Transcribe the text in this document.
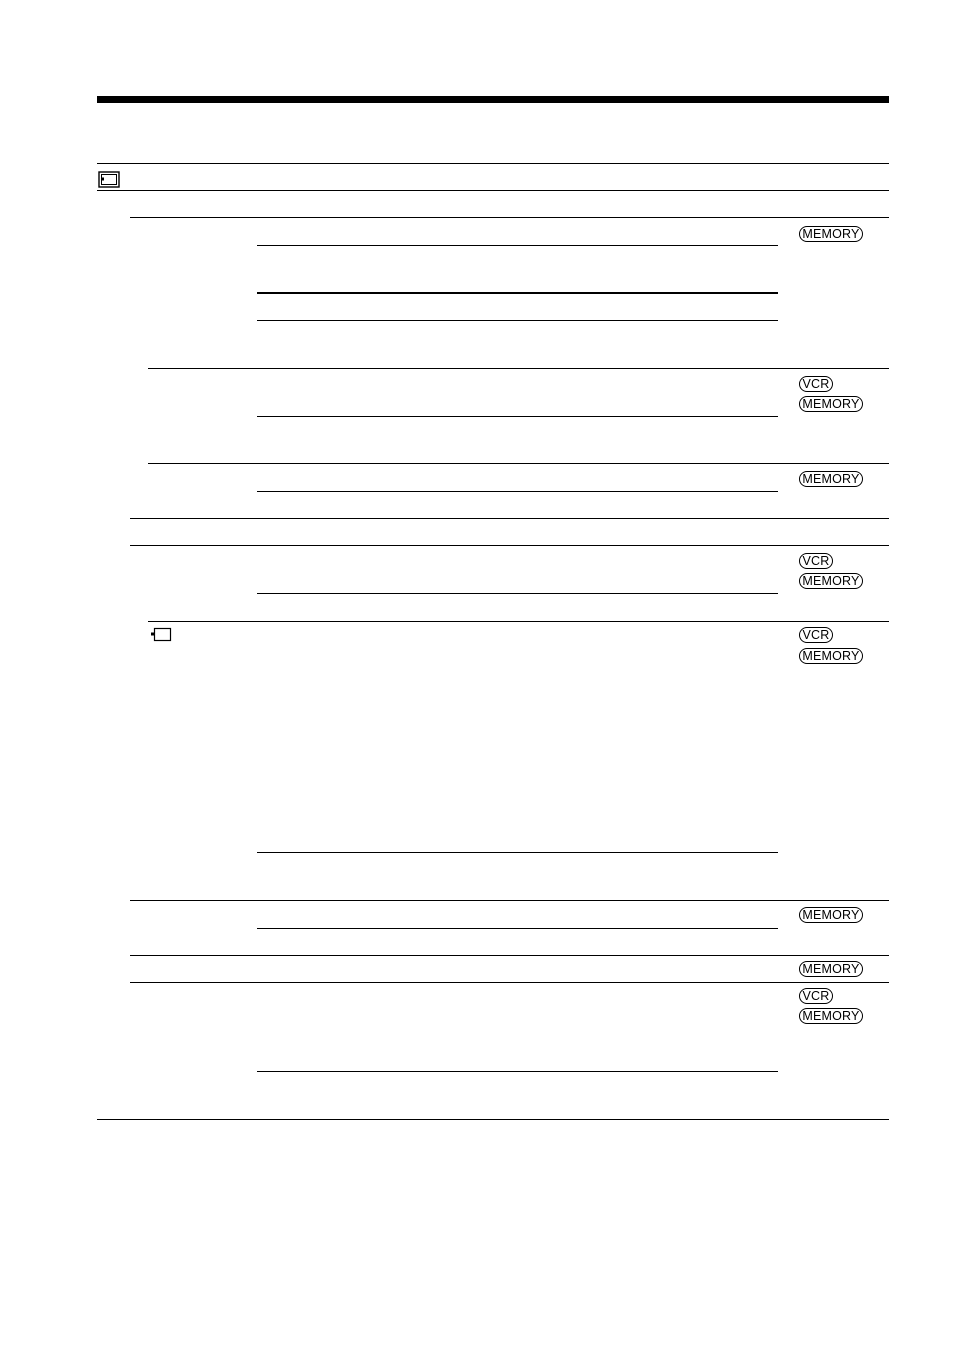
MEMORY
VCR
MEMORY
MEMORY
VCR
MEMORY
VCR
MEMORY
MEMORY
MEMORY
VCR
MEMORY
